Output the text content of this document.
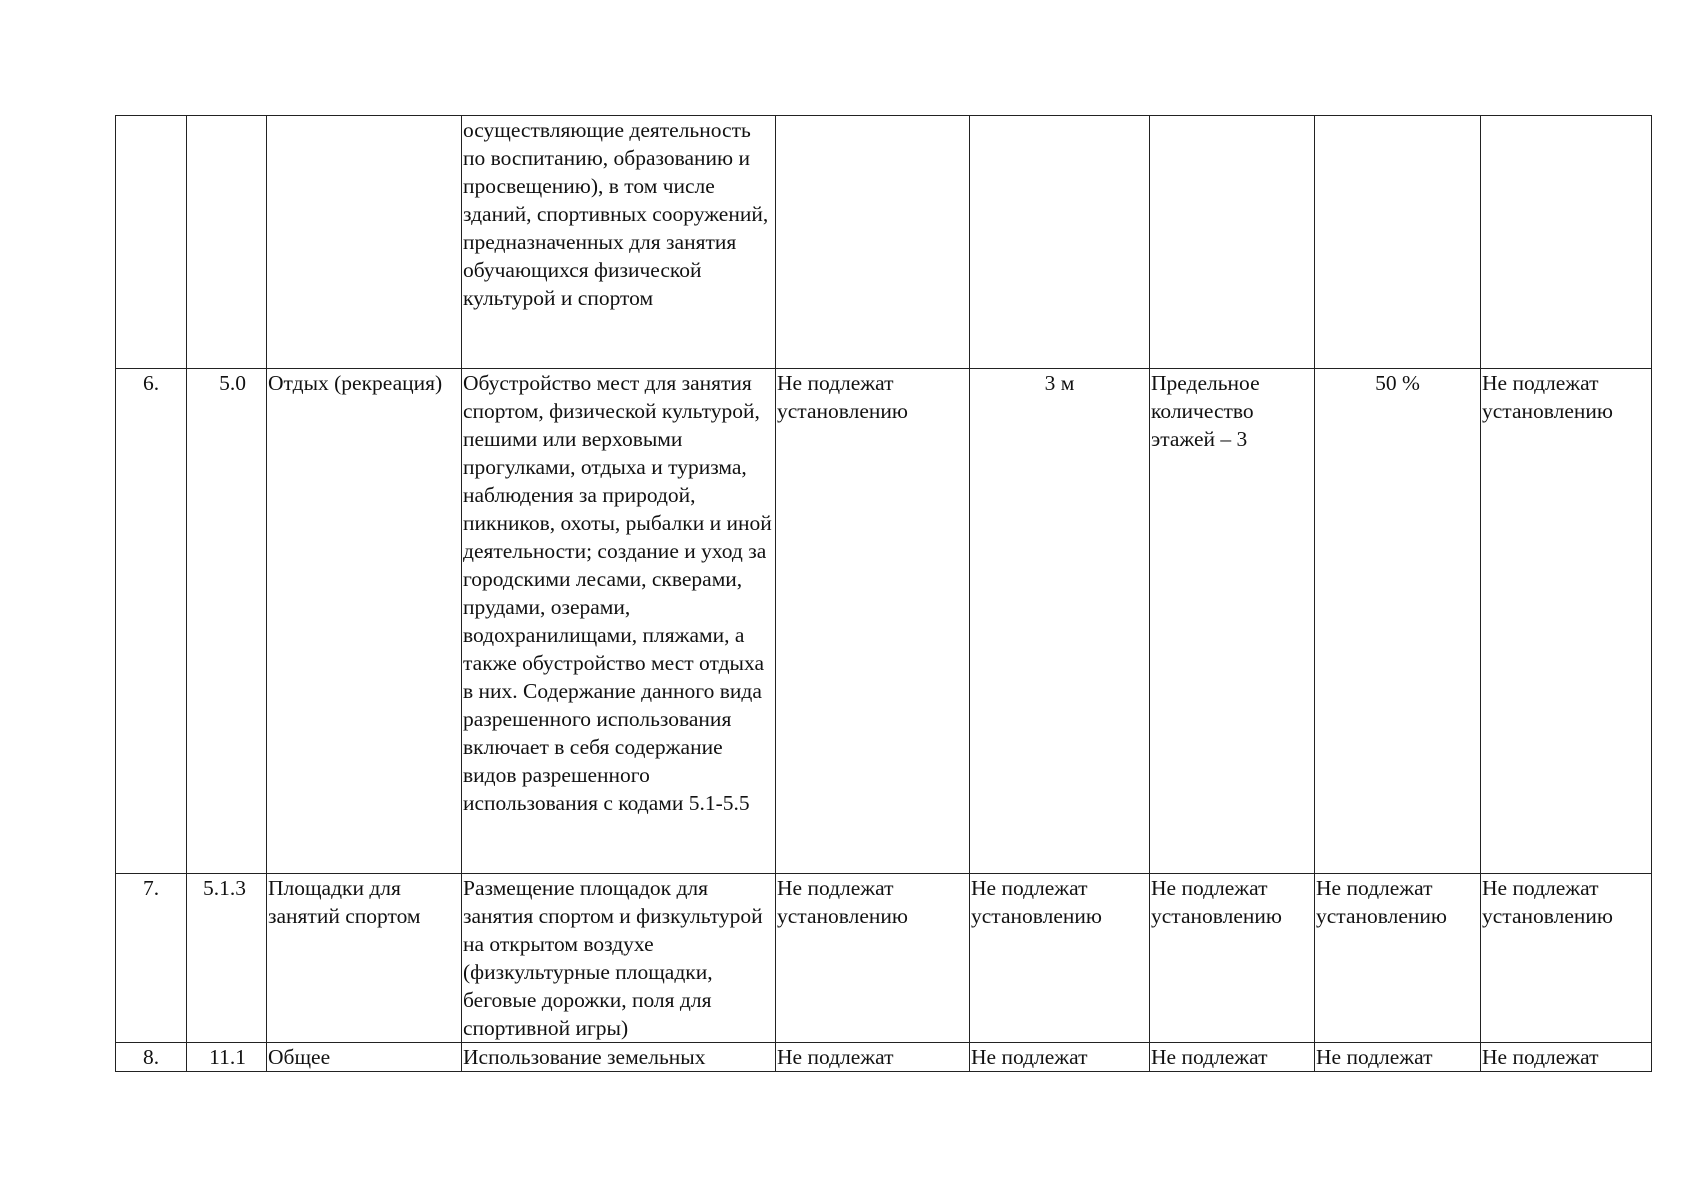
			осуществляющие деятельность по воспитанию, образованию и просвещению), в том числе зданий, спортивных сооружений, предназначенных для занятия обучающихся физической культурой и спортом					

6.	5.0	Отдых (рекреация)	Обустройство мест для занятия спортом, физической культурой, пешими или верховыми прогулками, отдыха и туризма, наблюдения за природой, пикников, охоты, рыбалки и иной деятельности; создание и уход за городскими лесами, скверами, прудами, озерами, водохранилищами, пляжами, а также обустройство мест отдыха в них. Содержание данного вида разрешенного использования включает в себя содержание видов разрешенного использования с кодами 5.1-5.5	Не подлежат установлению	3 м	Предельное количество этажей – 3	50 %	Не подлежат установлению
7.	5.1.3	Площадки для занятий спортом	Размещение площадок для занятия спортом и физкультурой на открытом воздухе (физкультурные площадки, беговые дорожки, поля для спортивной игры)	Не подлежат установлению	Не подлежат установлению	Не подлежат установлению	Не подлежат установлению	Не подлежат установлению
8.	11.1	Общее	Использование земельных	Не подлежат	Не подлежат	Не подлежат	Не подлежат	Не подлежат
